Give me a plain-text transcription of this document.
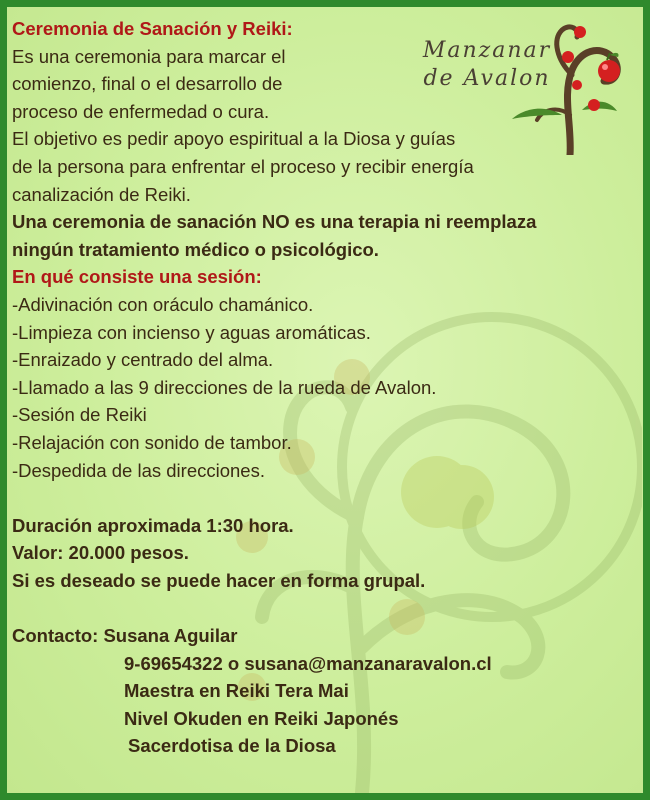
Manzanar
de Avalon

Ceremonia de Sanación y Reiki:

Es una ceremonia para marcar el

comienzo, final o el desarrollo de

proceso de enfermedad o cura.

El objetivo es pedir apoyo espiritual a la Diosa y guías

de la persona para enfrentar el proceso y recibir energía

canalización de Reiki.

Una ceremonia de sanación NO es una terapia ni reemplaza

ningún tratamiento médico o psicológico.

En qué consiste una sesión:

-Adivinación con oráculo chamánico.

-Limpieza con incienso y aguas aromáticas.

-Enraizado y centrado del alma.

-Llamado a las 9 direcciones de la rueda de Avalon.

-Sesión de Reiki

-Relajación con sonido de tambor.

-Despedida de las direcciones.

Duración aproximada 1:30 hora.

Valor: 20.000 pesos.

Si es deseado se puede hacer en forma grupal.

Contacto: Susana Aguilar

9-69654322 o susana@manzanaravalon.cl

Maestra en Reiki Tera Mai

Nivel Okuden en Reiki Japonés

Sacerdotisa de la Diosa
